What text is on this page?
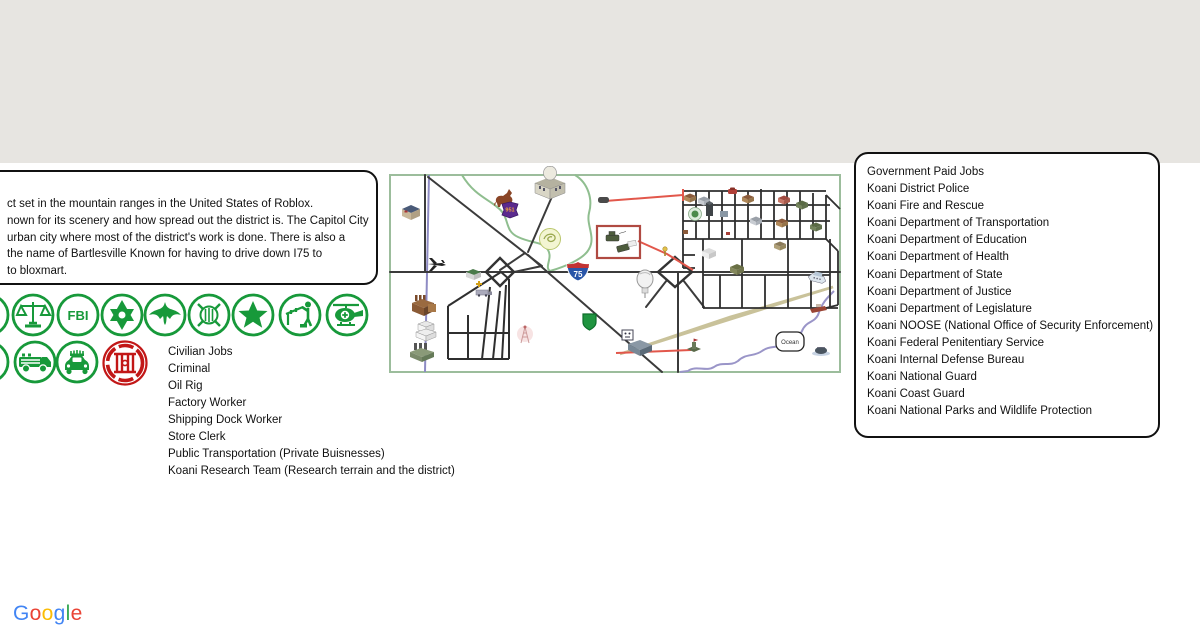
ct set in the mountain ranges in the United States of Roblox.
nown for its scenery and how spread out the district is. The Capitol City
urban city where most of the district's work is done. There is also a
the name of Bartlesville Known for having to drive down I75 to
to bloxmart.
951
75
Ocean
Government Paid Jobs
Koani District Police
Koani Fire and Rescue
Koani Department of Transportation
Koani Department of Education
Koani Department of Health
Koani Department of State
Koani Department of Justice
Koani Department of Legislature
Koani NOOSE (National Office of Security Enforcement)
Koani Federal Penitentiary Service
Koani Internal Defense Bureau
Koani National Guard
Koani Coast Guard
Koani National Parks and Wildlife Protection
Civilian Jobs
Criminal
Oil Rig
Factory Worker
Shipping Dock Worker
Store Clerk
Public Transportation (Private Buisnesses)
Koani Research Team (Research terrain and the district)
FBI
Google
